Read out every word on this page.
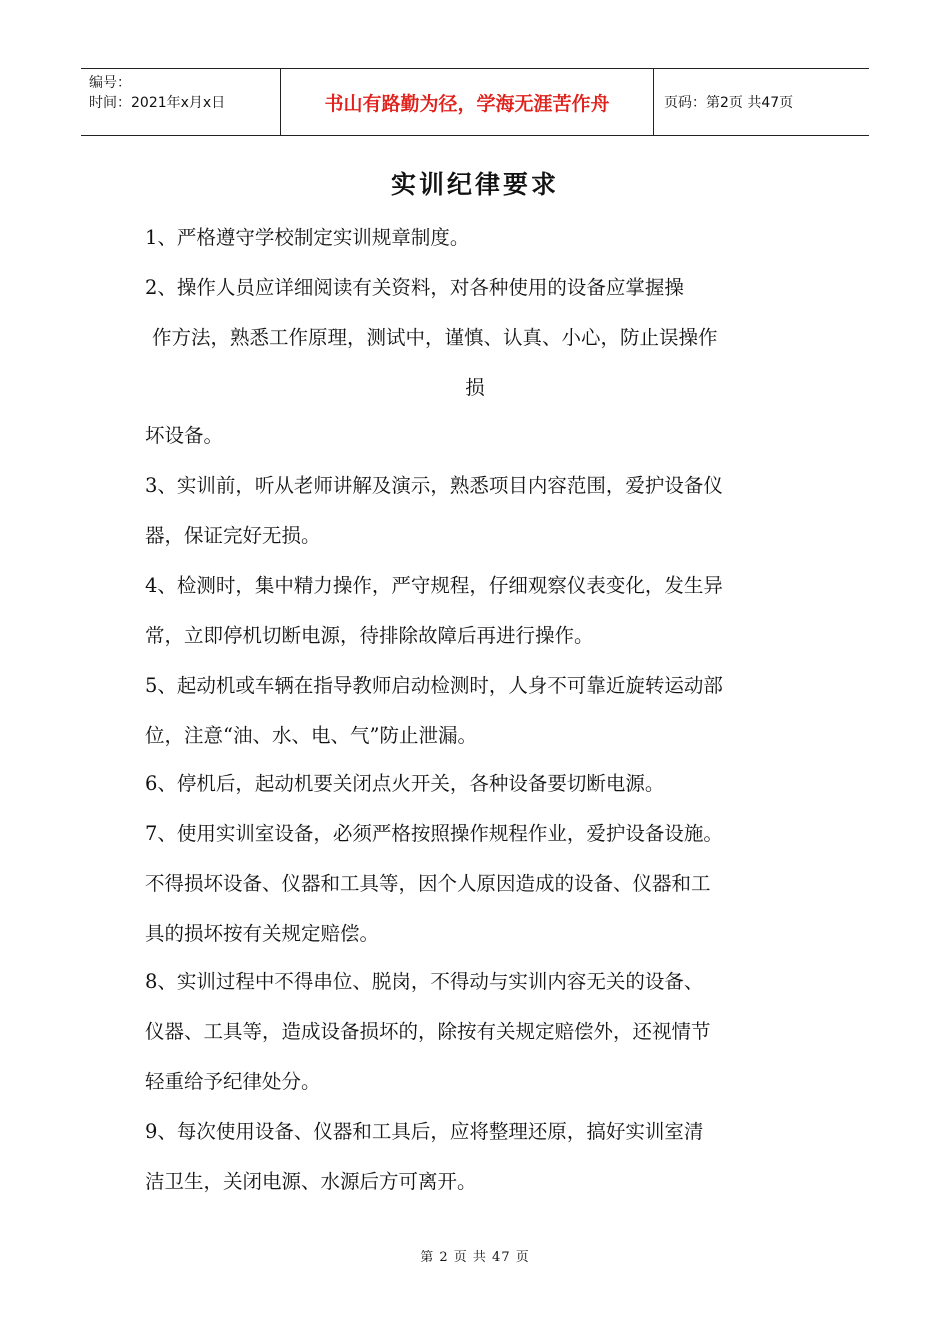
编号：
时间：2021年x月x日	书山有路勤为径，学海无涯苦作舟	页码：第2页 共47页
实训纪律要求
1、严格遵守学校制定实训规章制度。
2、操作人员应详细阅读有关资料，对各种使用的设备应掌握操
作方法，熟悉工作原理，测试中，谨慎、认真、小心，防止误操作
损
坏设备。
3、实训前，听从老师讲解及演示，熟悉项目内容范围，爱护设备仪
器，保证完好无损。
4、检测时，集中精力操作，严守规程，仔细观察仪表变化，发生异
常，立即停机切断电源，待排除故障后再进行操作。
5、起动机或车辆在指导教师启动检测时，人身不可靠近旋转运动部
位，注意“油、水、电、气”防止泄漏。
6、停机后，起动机要关闭点火开关，各种设备要切断电源。
7、使用实训室设备，必须严格按照操作规程作业，爱护设备设施。
不得损坏设备、仪器和工具等，因个人原因造成的设备、仪器和工
具的损坏按有关规定赔偿。
8、实训过程中不得串位、脱岗，不得动与实训内容无关的设备、
仪器、工具等，造成设备损坏的，除按有关规定赔偿外，还视情节
轻重给予纪律处分。
9、每次使用设备、仪器和工具后，应将整理还原，搞好实训室清
洁卫生，关闭电源、水源后方可离开。
第 2 页 共 47 页
